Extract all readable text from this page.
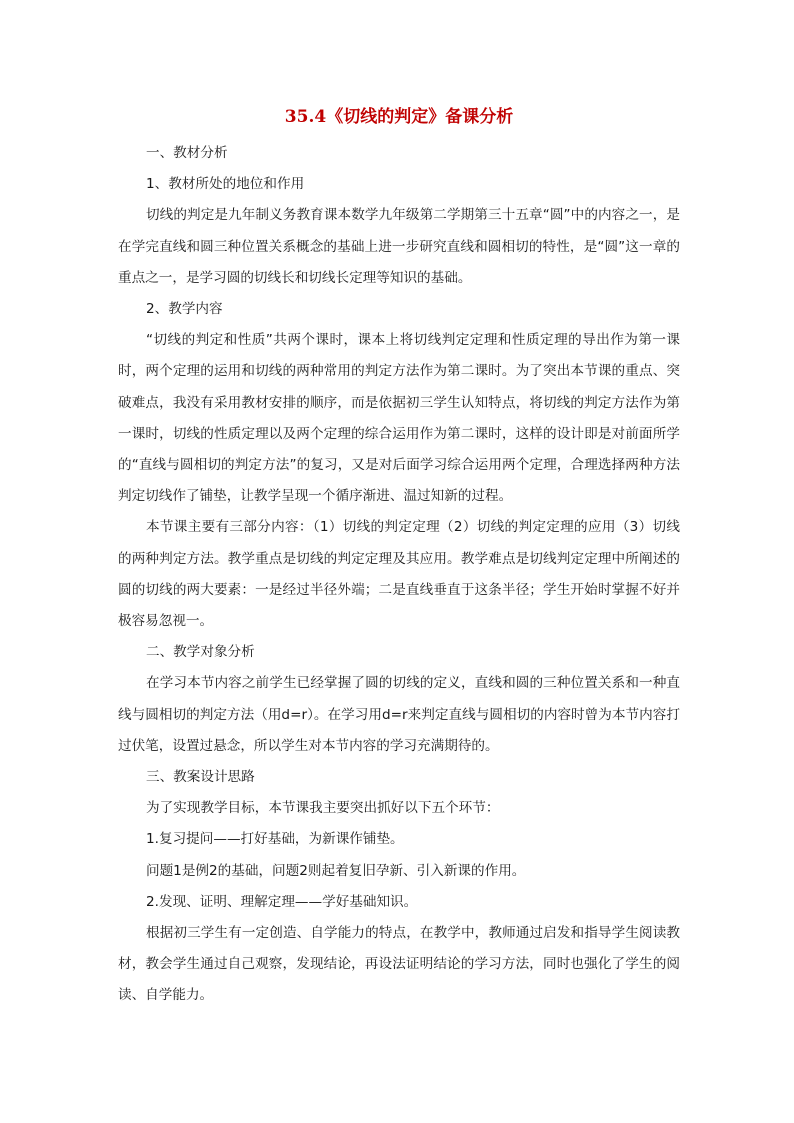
35.4《切线的判定》备课分析

一、教材分析

1、教材所处的地位和作用

切线的判定是九年制义务教育课本数学九年级第二学期第三十五章“圆”中的内容之一，是在学完直线和圆三种位置关系概念的基础上进一步研究直线和圆相切的特性，是“圆”这一章的重点之一，是学习圆的切线长和切线长定理等知识的基础。

2、教学内容

“切线的判定和性质”共两个课时，课本上将切线判定定理和性质定理的导出作为第一课时，两个定理的运用和切线的两种常用的判定方法作为第二课时。为了突出本节课的重点、突破难点，我没有采用教材安排的顺序，而是依据初三学生认知特点，将切线的判定方法作为第一课时，切线的性质定理以及两个定理的综合运用作为第二课时，这样的设计即是对前面所学的“直线与圆相切的判定方法”的复习，又是对后面学习综合运用两个定理，合理选择两种方法判定切线作了铺垫，让教学呈现一个循序渐进、温过知新的过程。

本节课主要有三部分内容：（1）切线的判定定理（2）切线的判定定理的应用（3）切线的两种判定方法。教学重点是切线的判定定理及其应用。教学难点是切线判定定理中所阐述的圆的切线的两大要素：一是经过半径外端；二是直线垂直于这条半径；学生开始时掌握不好并极容易忽视一。

二、教学对象分析

在学习本节内容之前学生已经掌握了圆的切线的定义，直线和圆的三种位置关系和一种直线与圆相切的判定方法（用d=r）。在学习用d=r来判定直线与圆相切的内容时曾为本节内容打过伏笔，设置过悬念，所以学生对本节内容的学习充满期待的。

三、教案设计思路

为了实现教学目标，本节课我主要突出抓好以下五个环节：

1.复习提问——打好基础，为新课作铺垫。

问题1是例2的基础，问题2则起着复旧孕新、引入新课的作用。

2.发现、证明、理解定理——学好基础知识。

根据初三学生有一定创造、自学能力的特点，在教学中，教师通过启发和指导学生阅读教材，教会学生通过自己观察，发现结论，再设法证明结论的学习方法，同时也强化了学生的阅读、自学能力。
